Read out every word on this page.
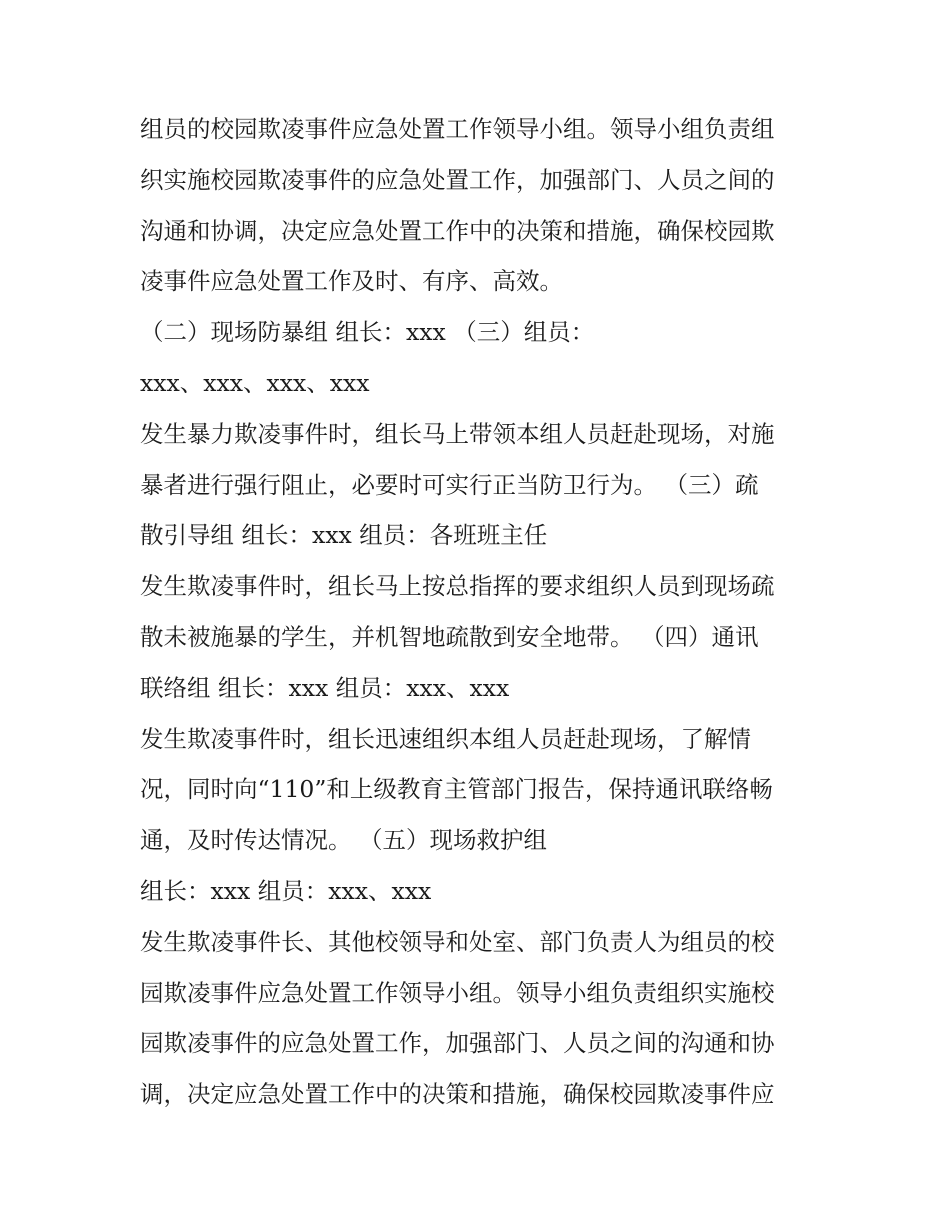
组员的校园欺凌事件应急处置工作领导小组。领导小组负责组
织实施校园欺凌事件的应急处置工作，加强部门、人员之间的
沟通和协调，决定应急处置工作中的决策和措施，确保校园欺
凌事件应急处置工作及时、有序、高效。
（二）现场防暴组 组长：xxx （三）组员：
xxx、xxx、xxx、xxx
发生暴力欺凌事件时，组长马上带领本组人员赶赴现场，对施
暴者进行强行阻止，必要时可实行正当防卫行为。 （三）疏
散引导组 组长：xxx 组员：各班班主任
发生欺凌事件时，组长马上按总指挥的要求组织人员到现场疏
散未被施暴的学生，并机智地疏散到安全地带。 （四）通讯
联络组 组长：xxx 组员：xxx、xxx
发生欺凌事件时，组长迅速组织本组人员赶赴现场，了解情
况，同时向“110”和上级教育主管部门报告，保持通讯联络畅
通，及时传达情况。 （五）现场救护组
组长：xxx 组员：xxx、xxx
发生欺凌事件长、其他校领导和处室、部门负责人为组员的校
园欺凌事件应急处置工作领导小组。领导小组负责组织实施校
园欺凌事件的应急处置工作，加强部门、人员之间的沟通和协
调，决定应急处置工作中的决策和措施，确保校园欺凌事件应
